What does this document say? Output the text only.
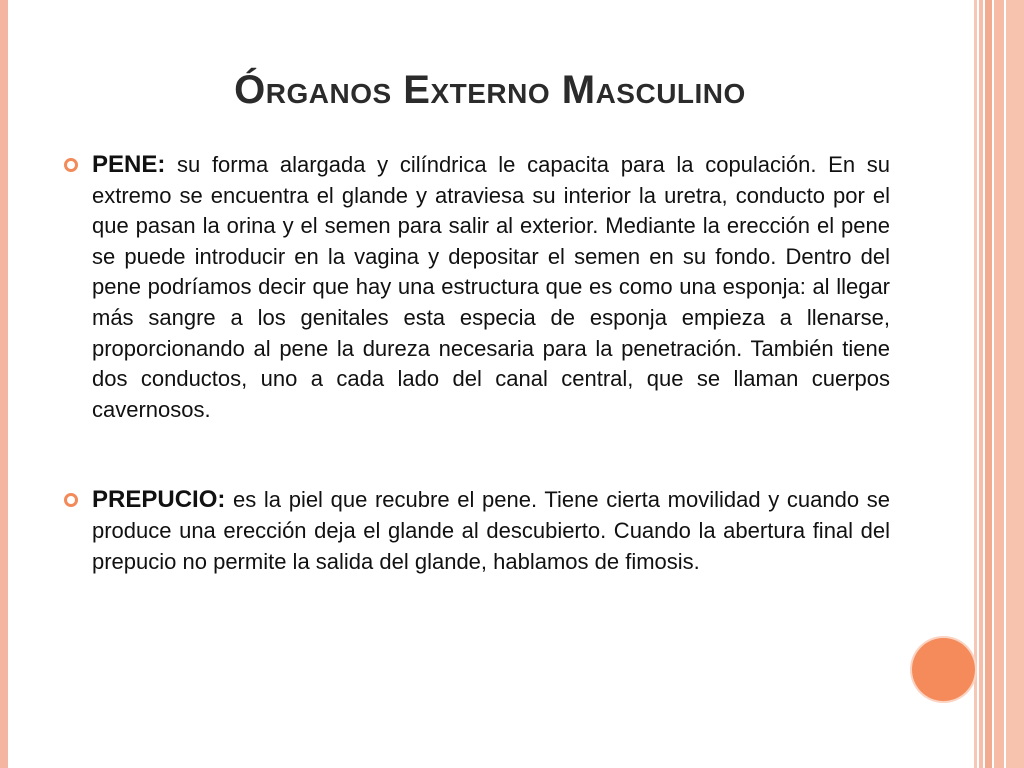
Órganos Externo Masculino
PENE: su forma alargada y cilíndrica le capacita para la copulación. En su extremo se encuentra el glande y atraviesa su interior la uretra, conducto por el que pasan la orina y el semen para salir al exterior. Mediante la erección el pene se puede introducir en la vagina y depositar el semen en su fondo. Dentro del pene podríamos decir que hay una estructura que es como una esponja: al llegar más sangre a los genitales esta especia de esponja empieza a llenarse, proporcionando al pene la dureza necesaria para la penetración. También tiene dos conductos, uno a cada lado del canal central, que se llaman cuerpos cavernosos.
PREPUCIO: es la piel que recubre el pene. Tiene cierta movilidad y cuando se produce una erección deja el glande al descubierto. Cuando la abertura final del prepucio no permite la salida del glande, hablamos de fimosis.
